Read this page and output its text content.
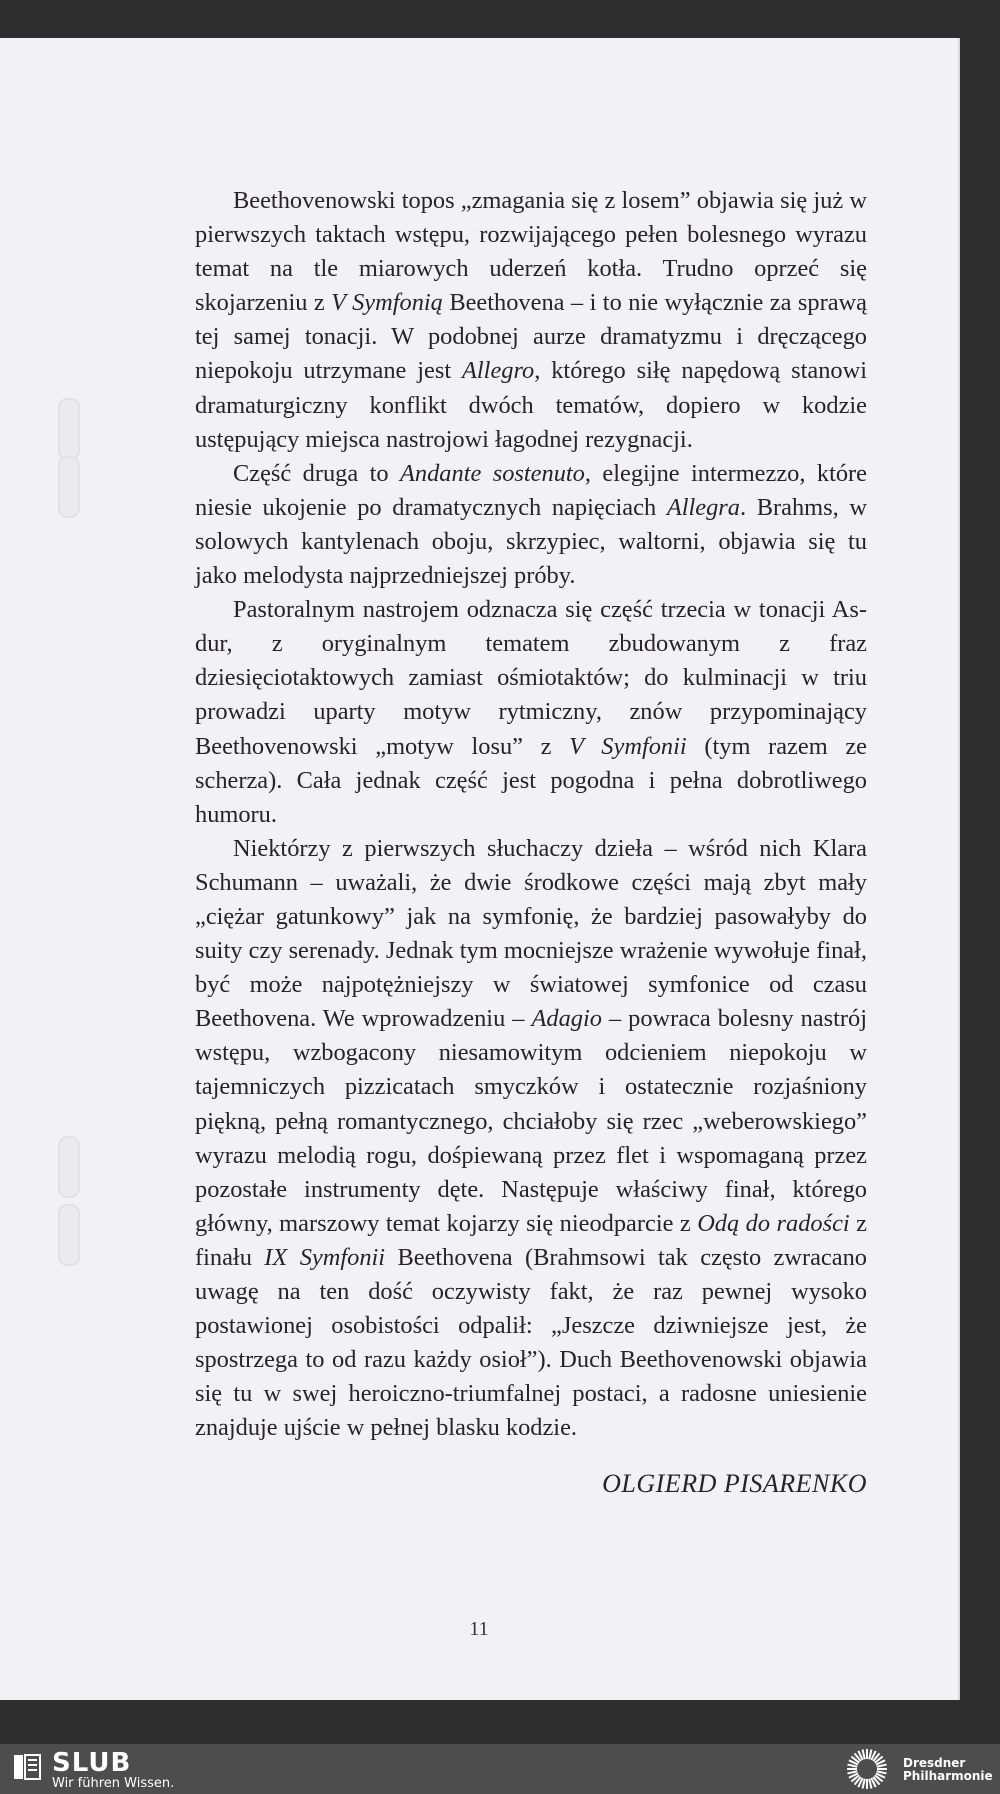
Beethovenowski topos „zmagania się z losem” objawia się już w pierwszych taktach wstępu, rozwijającego pełen bolesnego wyrazu temat na tle miarowych uderzeń kotła. Trudno oprzeć się skojarzeniu z V Symfonią Beethovena – i to nie wyłącznie za sprawą tej samej tonacji. W podobnej aurze dramatyzmu i dręczącego niepokoju utrzymane jest Allegro, którego siłę napędową stanowi dramaturgiczny konflikt dwóch tematów, dopiero w kodzie ustępujący miejsca nastrojowi łagodnej rezygnacji.

Część druga to Andante sostenuto, elegijne intermezzo, które niesie ukojenie po dramatycznych napięciach Allegra. Brahms, w solowych kantylenach oboju, skrzypiec, waltorni, objawia się tu jako melodysta najprzedniejszej próby.

Pastoralnym nastrojem odznacza się część trzecia w tonacji As-dur, z oryginalnym tematem zbudowanym z fraz dziesięciotaktowych zamiast ośmiotaktów; do kulminacji w triu prowadzi uparty motyw rytmiczny, znów przypominający Beethovenowski „motyw losu” z V Symfonii (tym razem ze scherza). Cała jednak część jest pogodna i pełna dobrotliwego humoru.

Niektórzy z pierwszych słuchaczy dzieła – wśród nich Klara Schumann – uważali, że dwie środkowe części mają zbyt mały „ciężar gatunkowy” jak na symfonię, że bardziej pasowałyby do suity czy serenady. Jednak tym mocniejsze wrażenie wywołuje finał, być może najpotężniejszy w światowej symfonice od czasu Beethovena. We wprowadzeniu – Adagio – powraca bolesny nastrój wstępu, wzbogacony niesamowitym odcieniem niepokoju w tajemniczych pizzicatach smyczków i ostatecznie rozjaśniony piękną, pełną romantycznego, chciałoby się rzec „weberowskiego” wyrazu melodią rogu, dośpiewaną przez flet i wspomaganą przez pozostałe instrumenty dęte. Następuje właściwy finał, którego główny, marszowy temat kojarzy się nieodparcie z Odą do radości z finału IX Symfonii Beethovena (Brahmsowi tak często zwracano uwagę na ten dość oczywisty fakt, że raz pewnej wysoko postawionej osobistości odpalił: „Jeszcze dziwniejsze jest, że spostrzega to od razu każdy osioł”). Duch Beethovenowski objawia się tu w swej heroiczno-triumfalnej postaci, a radosne uniesienie znajduje ujście w pełnej blasku kodzie.

OLGIERD PISARENKO

11
SLUB
Wir führen Wissen.
Dresdner
Philharmonie
